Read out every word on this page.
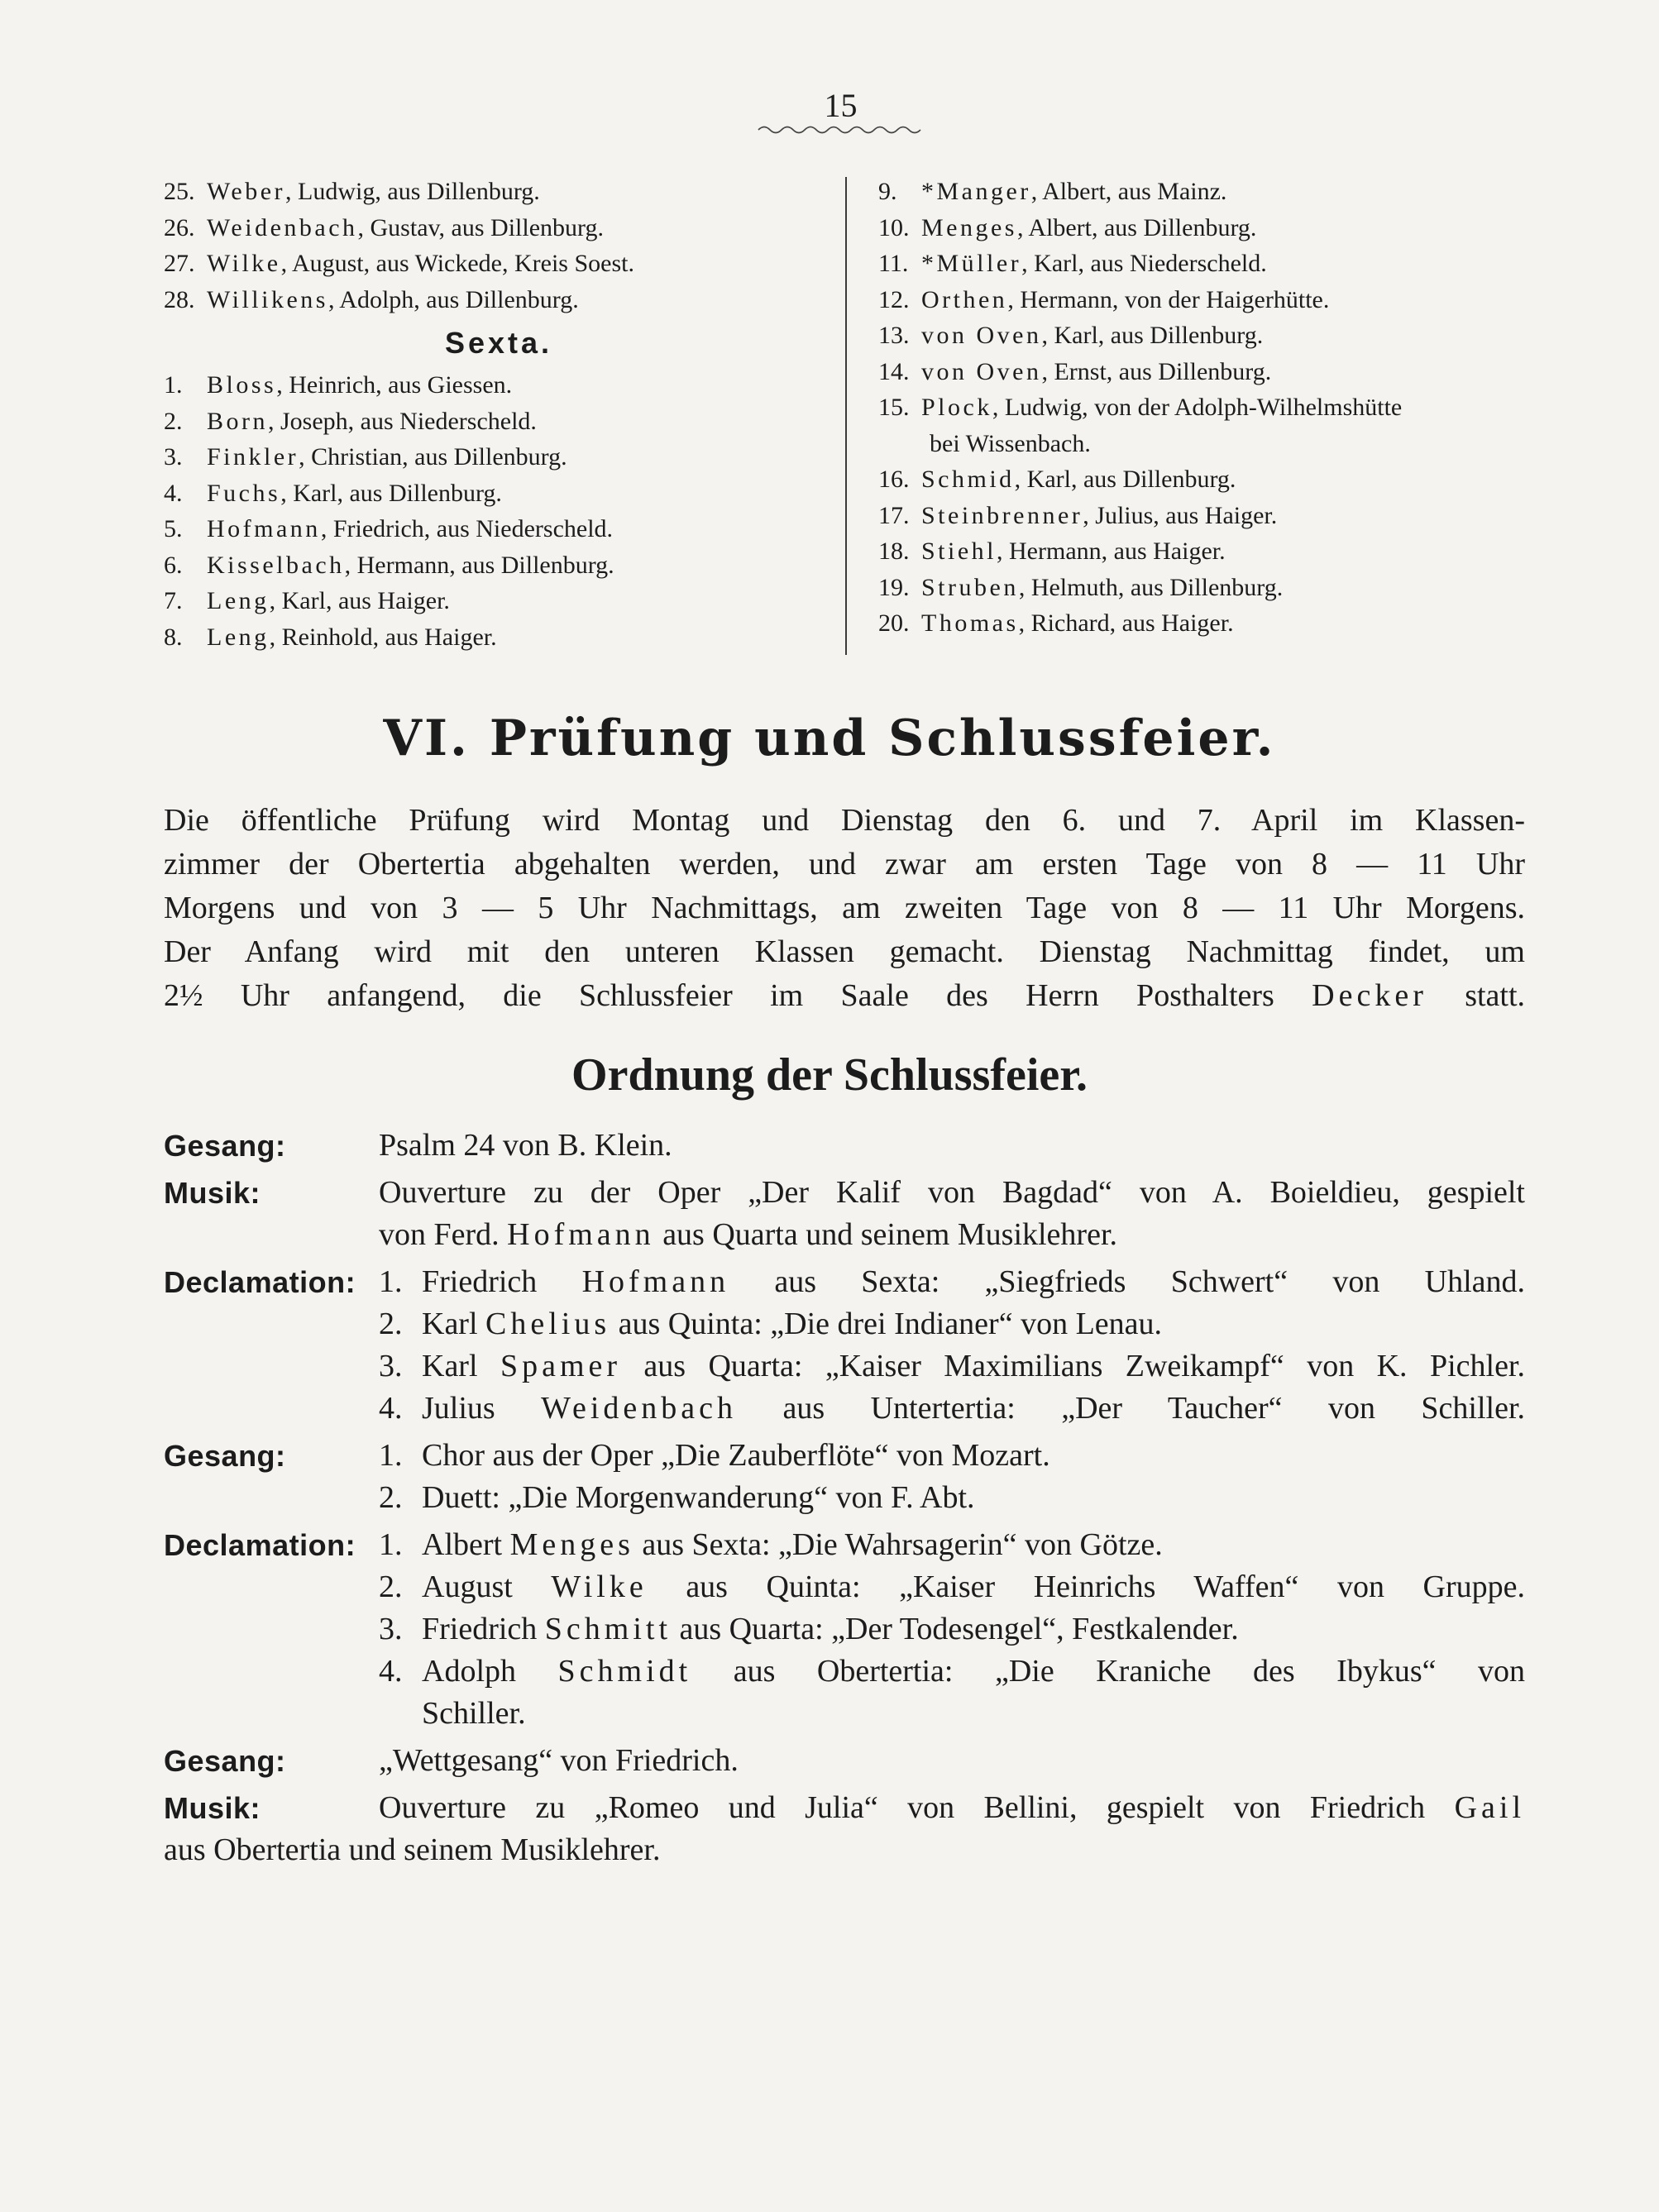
15
25. Weber, Ludwig, aus Dillenburg.
26. Weidenbach, Gustav, aus Dillenburg.
27. Wilke, August, aus Wickede, Kreis Soest.
28. Willikens, Adolph, aus Dillenburg.
Sexta.
1. Bloss, Heinrich, aus Giessen.
2. Born, Joseph, aus Niederscheld.
3. Finkler, Christian, aus Dillenburg.
4. Fuchs, Karl, aus Dillenburg.
5. Hofmann, Friedrich, aus Niederscheld.
6. Kisselbach, Hermann, aus Dillenburg.
7. Leng, Karl, aus Haiger.
8. Leng, Reinhold, aus Haiger.
9. *Manger, Albert, aus Mainz.
10. Menges, Albert, aus Dillenburg.
11. *Müller, Karl, aus Niederscheld.
12. Orthen, Hermann, von der Haigerhütte.
13. von Oven, Karl, aus Dillenburg.
14. von Oven, Ernst, aus Dillenburg.
15. Plock, Ludwig, von der Adolph-Wilhelmshütte
bei Wissenbach.
16. Schmid, Karl, aus Dillenburg.
17. Steinbrenner, Julius, aus Haiger.
18. Stiehl, Hermann, aus Haiger.
19. Struben, Helmuth, aus Dillenburg.
20. Thomas, Richard, aus Haiger.
VI. Prüfung und Schlussfeier.
Die öffentliche Prüfung wird Montag und Dienstag den 6. und 7. April im Klassen-
zimmer der Obertertia abgehalten werden, und zwar am ersten Tage von 8 — 11 Uhr
Morgens und von 3 — 5 Uhr Nachmittags, am zweiten Tage von 8 — 11 Uhr Morgens.
Der Anfang wird mit den unteren Klassen gemacht. Dienstag Nachmittag findet, um
2½ Uhr anfangend, die Schlussfeier im Saale des Herrn Posthalters Decker statt.
Ordnung der Schlussfeier.
Gesang:	Psalm 24 von B. Klein.
Musik:	Ouverture zu der Oper „Der Kalif von Bagdad“ von A. Boieldieu, gespielt
von Ferd. Hofmann aus Quarta und seinem Musiklehrer.
Declamation: 1. Friedrich Hofmann aus Sexta: „Siegfrieds Schwert“ von Uhland.
2. Karl Chelius aus Quinta: „Die drei Indianer“ von Lenau.
3. Karl Spamer aus Quarta: „Kaiser Maximilians Zweikampf“ von K. Pichler.
4. Julius Weidenbach aus Untertertia: „Der Taucher“ von Schiller.
Gesang:	1. Chor aus der Oper „Die Zauberflöte“ von Mozart.
2. Duett: „Die Morgenwanderung“ von F. Abt.
Declamation: 1. Albert Menges aus Sexta: „Die Wahrsagerin“ von Götze.
2. August Wilke aus Quinta: „Kaiser Heinrichs Waffen“ von Gruppe.
3. Friedrich Schmitt aus Quarta: „Der Todesengel“, Festkalender.
4. Adolph Schmidt aus Obertertia: „Die Kraniche des Ibykus“ von
Schiller.
Gesang:	„Wettgesang“ von Friedrich.
Musik:	Ouverture zu „Romeo und Julia“ von Bellini, gespielt von Friedrich Gail
aus Obertertia und seinem Musiklehrer.
